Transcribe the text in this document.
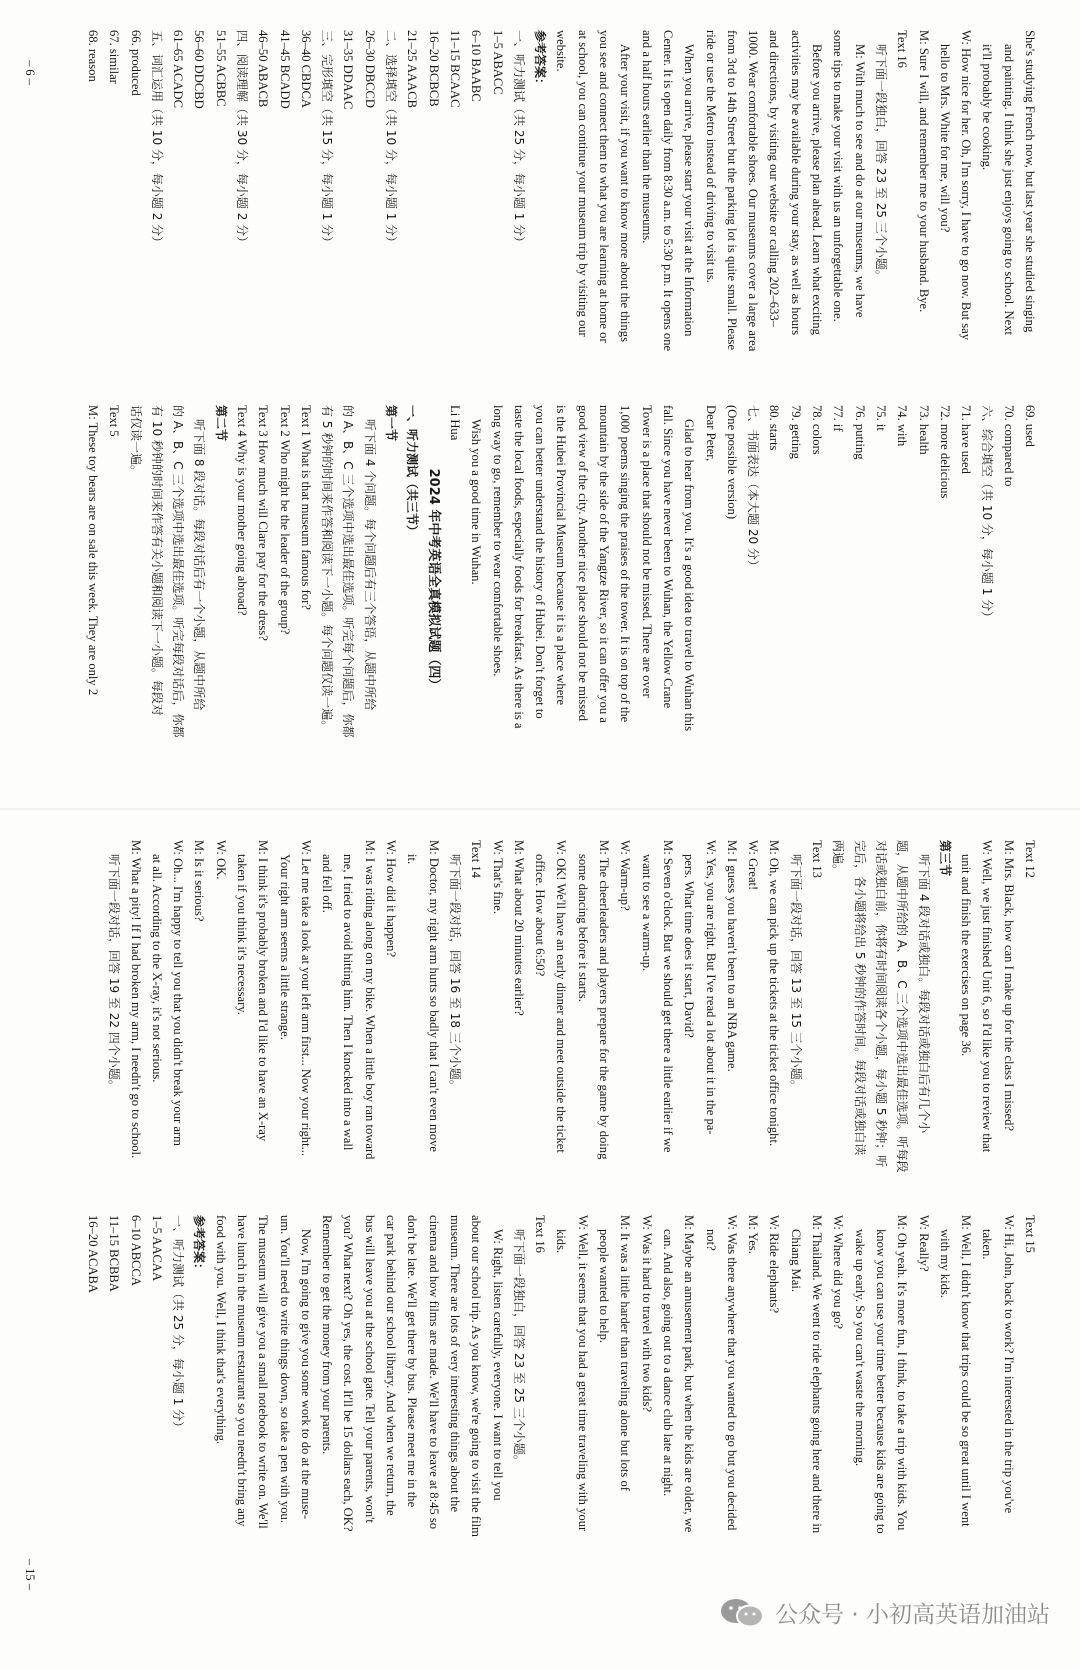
She's studying French now, but last year she studied singing
and painting. I think she just enjoys going to school. Next
it'll probably be cooking.
W: How nice for her. Oh, I'm sorry, I have to go now. But say
hello to Mrs. White for me, will you?
M: Sure I will, and remember me to your husband. Bye.
Text 16
听下面一段独白，回答 23 至 25 三个小题。
M: With much to see and do at our museums, we have
some tips to make your visit with us an unforgettable one.
Before you arrive, please plan ahead. Learn what exciting
activities may be available during your stay, as well as hours
and directions, by visiting our website or calling 202–633–
1000. Wear comfortable shoes. Our museums cover a large area
from 3rd to 14th Street but the parking lot is quite small. Please
ride or use the Metro instead of driving to visit us.
When you arrive, please start your visit at the Information
Center. It is open daily from 8:30 a.m. to 5:30 p.m. It opens one
and a half hours earlier than the museums.
After your visit, if you want to know more about the things
you see and connect them to what you are learning at home or
at school, you can continue your museum trip by visiting our
website.
参考答案：
一、听力测试（共 25 分，每小题 1 分）
1–5 ABACC
6–10 BAABC
11–15 BCAAC
16–20 BCBCB
21–25 AAACB
二、选择填空（共 10 分，每小题 1 分）
26–30 DBCCD
31–35 DDAAC
三、完形填空（共 15 分，每小题 1 分）
36–40 CBDCA
41–45 BCADD
46–50 ABACB
四、阅读理解（共 30 分，每小题 2 分）
51–55 ACBBC
56–60 DDCBD
61–65 ACADC
五、词汇运用（共 10 分，每小题 2 分）
66. produced
67. similar
68. reason
69. used
70. compared to
六、综合填空（共 10 分，每小题 1 分）
71. have used
72. more delicious
73. health
74. with
75. it
76. putting
77. if
78. colors
79. getting
80. starts
七、书面表达（本大题 20 分）
(One possible version)
Dear Peter,
Glad to hear from you. It's a good idea to travel to Wuhan this
fall. Since you have never been to Wuhan, the Yellow Crane
Tower is a place that should not be missed. There are over
1,000 poems singing the praises of the tower. It is on top of the
mountain by the side of the Yangtze River, so it can offer you a
good view of the city. Another nice place should not be missed
is the Hubei Provincial Museum because it is a place where
you can better understand the history of Hubei. Don't forget to
taste the local foods, especially foods for breakfast. As there is a
long way to go, remember to wear comfortable shoes.
Wish you a good time in Wuhan.
Li Hua
2024 年中考英语全真模拟试题（四）
一、听力测试（共三节）
第一节
听下面 4 个问题。每个问题后有三个答语，从题中所给
的 A、B、C 三个选项中选出最佳选项。听完每个问题后，你都
有 5 秒钟的时间来作答和阅读下一小题。每个问题仅读一遍。
Text 1 What is that museum famous for?
Text 2 Who might be the leader of the group?
Text 3 How much will Clare pay for the dress?
Text 4 Why is your mother going abroad?
第二节
听下面 8 段对话。每段对话后有一个小题，从题中所给
的 A、B、C 三个选项中选出最佳选项。听完每段对话后，你都
有 10 秒钟的时间来作答有关小题和阅读下一小题。每段对
话仅读一遍。
Text 5
M: These toy bears are on sale this week. They are only 2
– 6 –
Text 12
M: Mrs. Black, how can I make up for the class I missed?
W: Well, we just finished Unit 6, so I'd like you to review that
unit and finish the exercises on page 36.
第三节
听下面 4 段对话或独白。每段对话或独白后有几个小
题，从题中所给的 A、B、C 三个选项中选出最佳选项。听每段
对话或独白前，你将有时间阅读各个小题，每小题 5 秒钟；听
完后，各小题将给出 5 秒钟的作答时间。每段对话或独白读
两遍。
Text 13
听下面一段对话，回答 13 至 15 三个小题。
M: Oh, we can pick up the tickets at the ticket office tonight.
W: Great!
M: I guess you haven't been to an NBA game.
W: Yes, you are right. But I've read a lot about it in the pa-
pers. What time does it start, David?
M: Seven o'clock. But we should get there a little earlier if we
want to see a warm-up.
W: Warm-up?
M: The cheerleaders and players prepare for the game by doing
some dancing before it starts.
W: OK! We'll have an early dinner and meet outside the ticket
office. How about 6:50?
M: What about 20 minutes earlier?
W: That's fine.
Text 14
听下面一段对话，回答 16 至 18 三个小题。
M: Doctor, my right arm hurts so badly that I can't even move
it.
W: How did it happen?
M: I was riding along on my bike. When a little boy ran toward
me, I tried to avoid hitting him. Then I knocked into a wall
and fell off.
W: Let me take a look at your left arm first... Now your right...
Your right arm seems a little strange.
M: I think it's probably broken and I'd like to have an X-ray
taken if you think it's necessary.
W: OK.
M: Is it serious?
W: Oh... I'm happy to tell you that you didn't break your arm
at all. According to the X-ray, it's not serious.
M: What a pity! If I had broken my arm, I needn't go to school.
听下面一段对话，回答 19 至 22 四个小题。
Text 15
W: Hi, John, back to work? I'm interested in the trip you've
taken.
M: Well, I didn't know that trips could be so great until I went
with my kids.
W: Really?
M: Oh yeah. It's more fun, I think, to take a trip with kids. You
know you can use your time better because kids are going to
wake up early. So you can't waste the morning.
W: Where did you go?
M: Thailand. We went to ride elephants going here and there in
Chiang Mai.
W: Ride elephants?
M: Yes.
W: Was there anywhere that you wanted to go but you decided
not?
M: Maybe an amusement park, but when the kids are older, we
can. And also, going out to a dance club late at night.
W: Was it hard to travel with two kids?
M: It was a little harder than traveling alone but lots of
people wanted to help.
W: Well, it seems that you had a great time traveling with your
kids.
Text 16
听下面一段独白，回答 23 至 25 三个小题。
W: Right, listen carefully, everyone. I want to tell you
about our school trip. As you know, we're going to visit the film
museum. There are lots of very interesting things about the
cinema and how films are made. We'll have to leave at 8:45 so
don't be late. We'll get there by bus. Please meet me in the
car park behind our school library. And when we return, the
bus will leave you at the school gate. Tell your parents, won't
you? What next? Oh yes, the cost. It'll be 15 dollars each, OK?
Remember to get the money from your parents.
Now, I'm going to give you some work to do at the muse-
um. You'll need to write things down, so take a pen with you.
The museum will give you a small notebook to write on. We'll
have lunch in the museum restaurant so you needn't bring any
food with you. Well, I think that's everything.
参考答案：
一、听力测试（共 25 分，每小题 1 分）
1–5 AACAA
6–10 ABCCA
11–15 BCBBA
16–20 ACABA
– 15 –
公众号 · 小初高英语加油站
